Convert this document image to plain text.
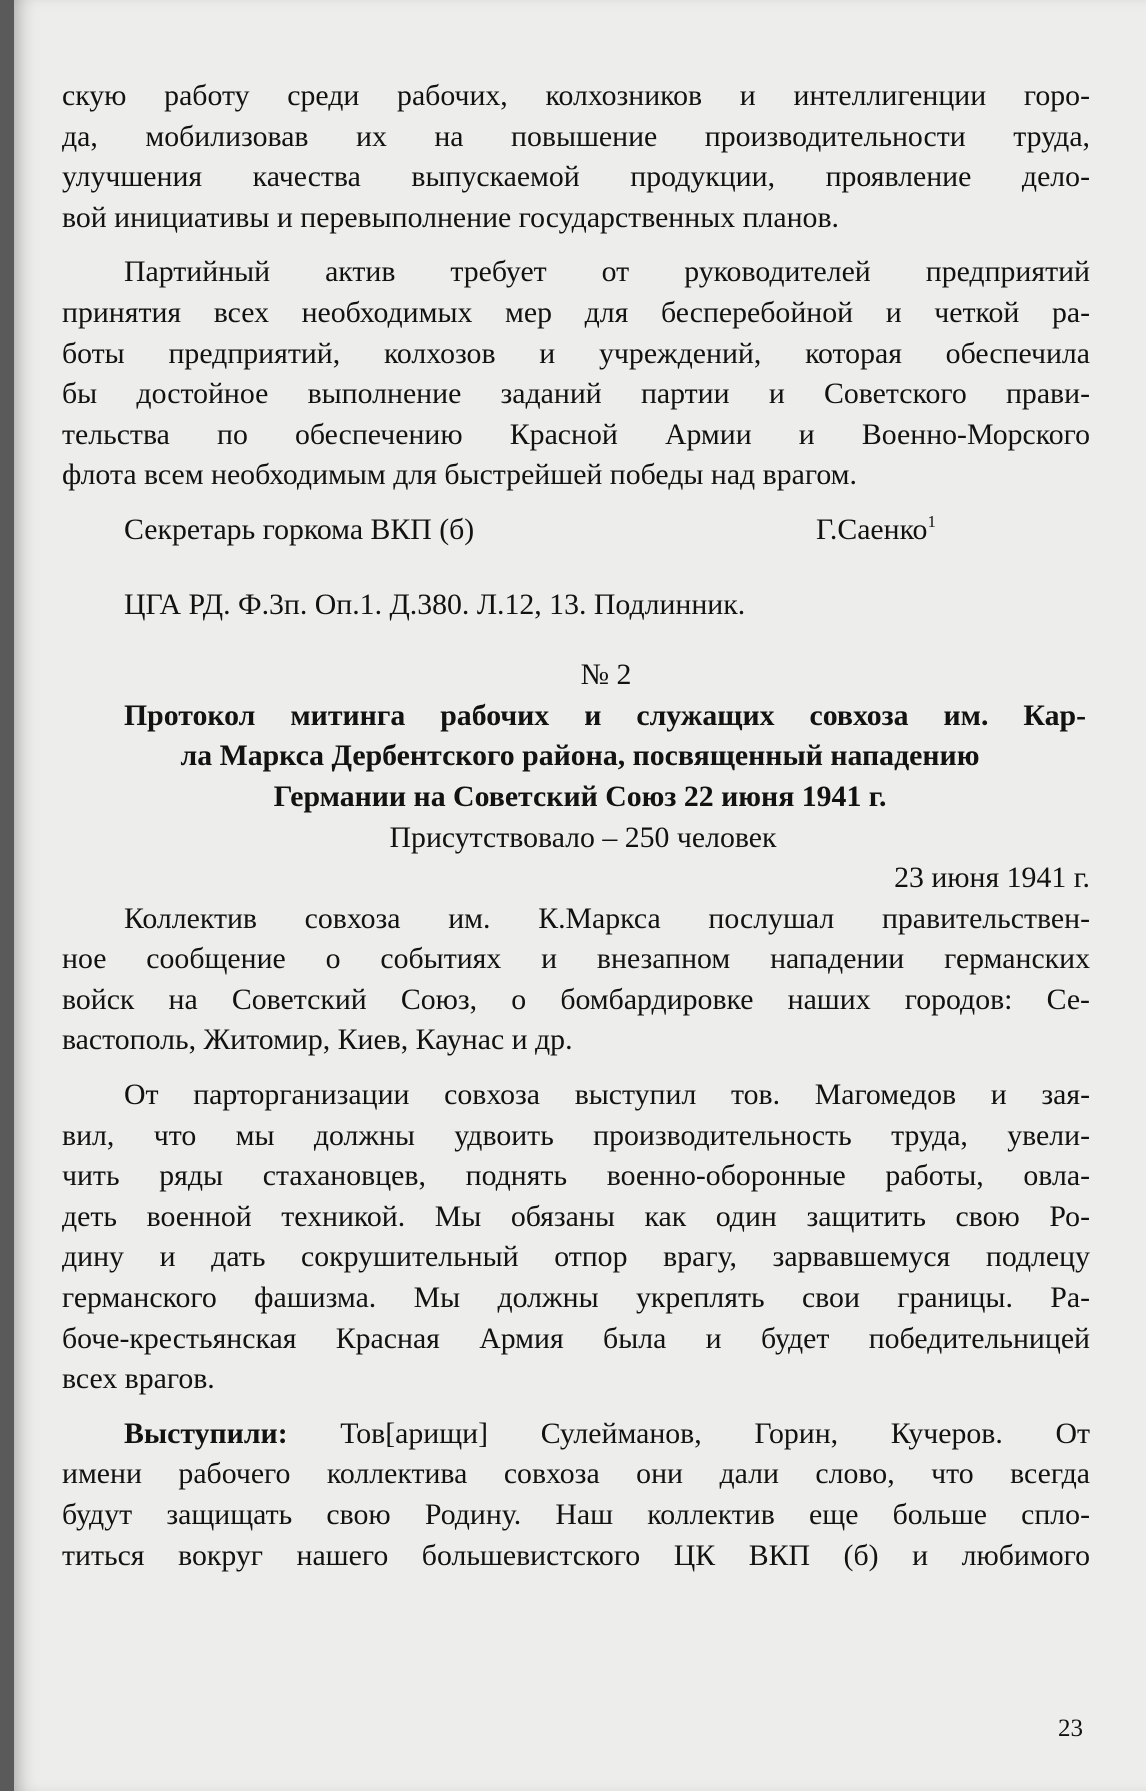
скую работу среди рабочих, колхозников и интеллигенции горо-

да, мобилизовав их на повышение производительности труда,

улучшения качества выпускаемой продукции, проявление дело-

вой инициативы и перевыполнение государственных планов.

Партийный актив требует от руководителей предприятий

принятия всех необходимых мер для бесперебойной и четкой ра-

боты предприятий, колхозов и учреждений, которая обеспечила

бы достойное выполнение заданий партии и Советского прави-

тельства по обеспечению Красной Армии и Военно-Морского

флота всем необходимым для быстрейшей победы над врагом.

Секретарь горкома ВКП (б)	Г.Саенко$^1$
ЦГА РД. Ф.3п. Оп.1. Д.380. Л.12, 13. Подлинник.
№ 2

Протокол митинга рабочих и служащих совхоза им. Кар-

ла Маркса Дербентского района, посвященный нападению

Германии на Советский Союз 22 июня 1941 г.

Присутствовало – 250 человек
23 июня 1941 г.

Коллектив совхоза им. К.Маркса послушал правительствен-

ное сообщение о событиях и внезапном нападении германских

войск на Советский Союз, о бомбардировке наших городов: Се-

вастополь, Житомир, Киев, Каунас и др.

От парторганизации совхоза выступил тов. Магомедов и зая-

вил, что мы должны удвоить производительность труда, увели-

чить ряды стахановцев, поднять военно-оборонные работы, овла-

деть военной техникой. Мы обязаны как один защитить свою Ро-

дину и дать сокрушительный отпор врагу, зарвавшемуся подлецу

германского фашизма. Мы должны укреплять свои границы. Ра-

боче-крестьянская Красная Армия была и будет победительницей

всех врагов.

Выступили: Тов[арищи] Сулейманов, Горин, Кучеров. От

имени рабочего коллектива совхоза они дали слово, что всегда

будут защищать свою Родину. Наш коллектив еще больше спло-

титься вокруг нашего большевистского ЦК ВКП (б) и любимого

23
